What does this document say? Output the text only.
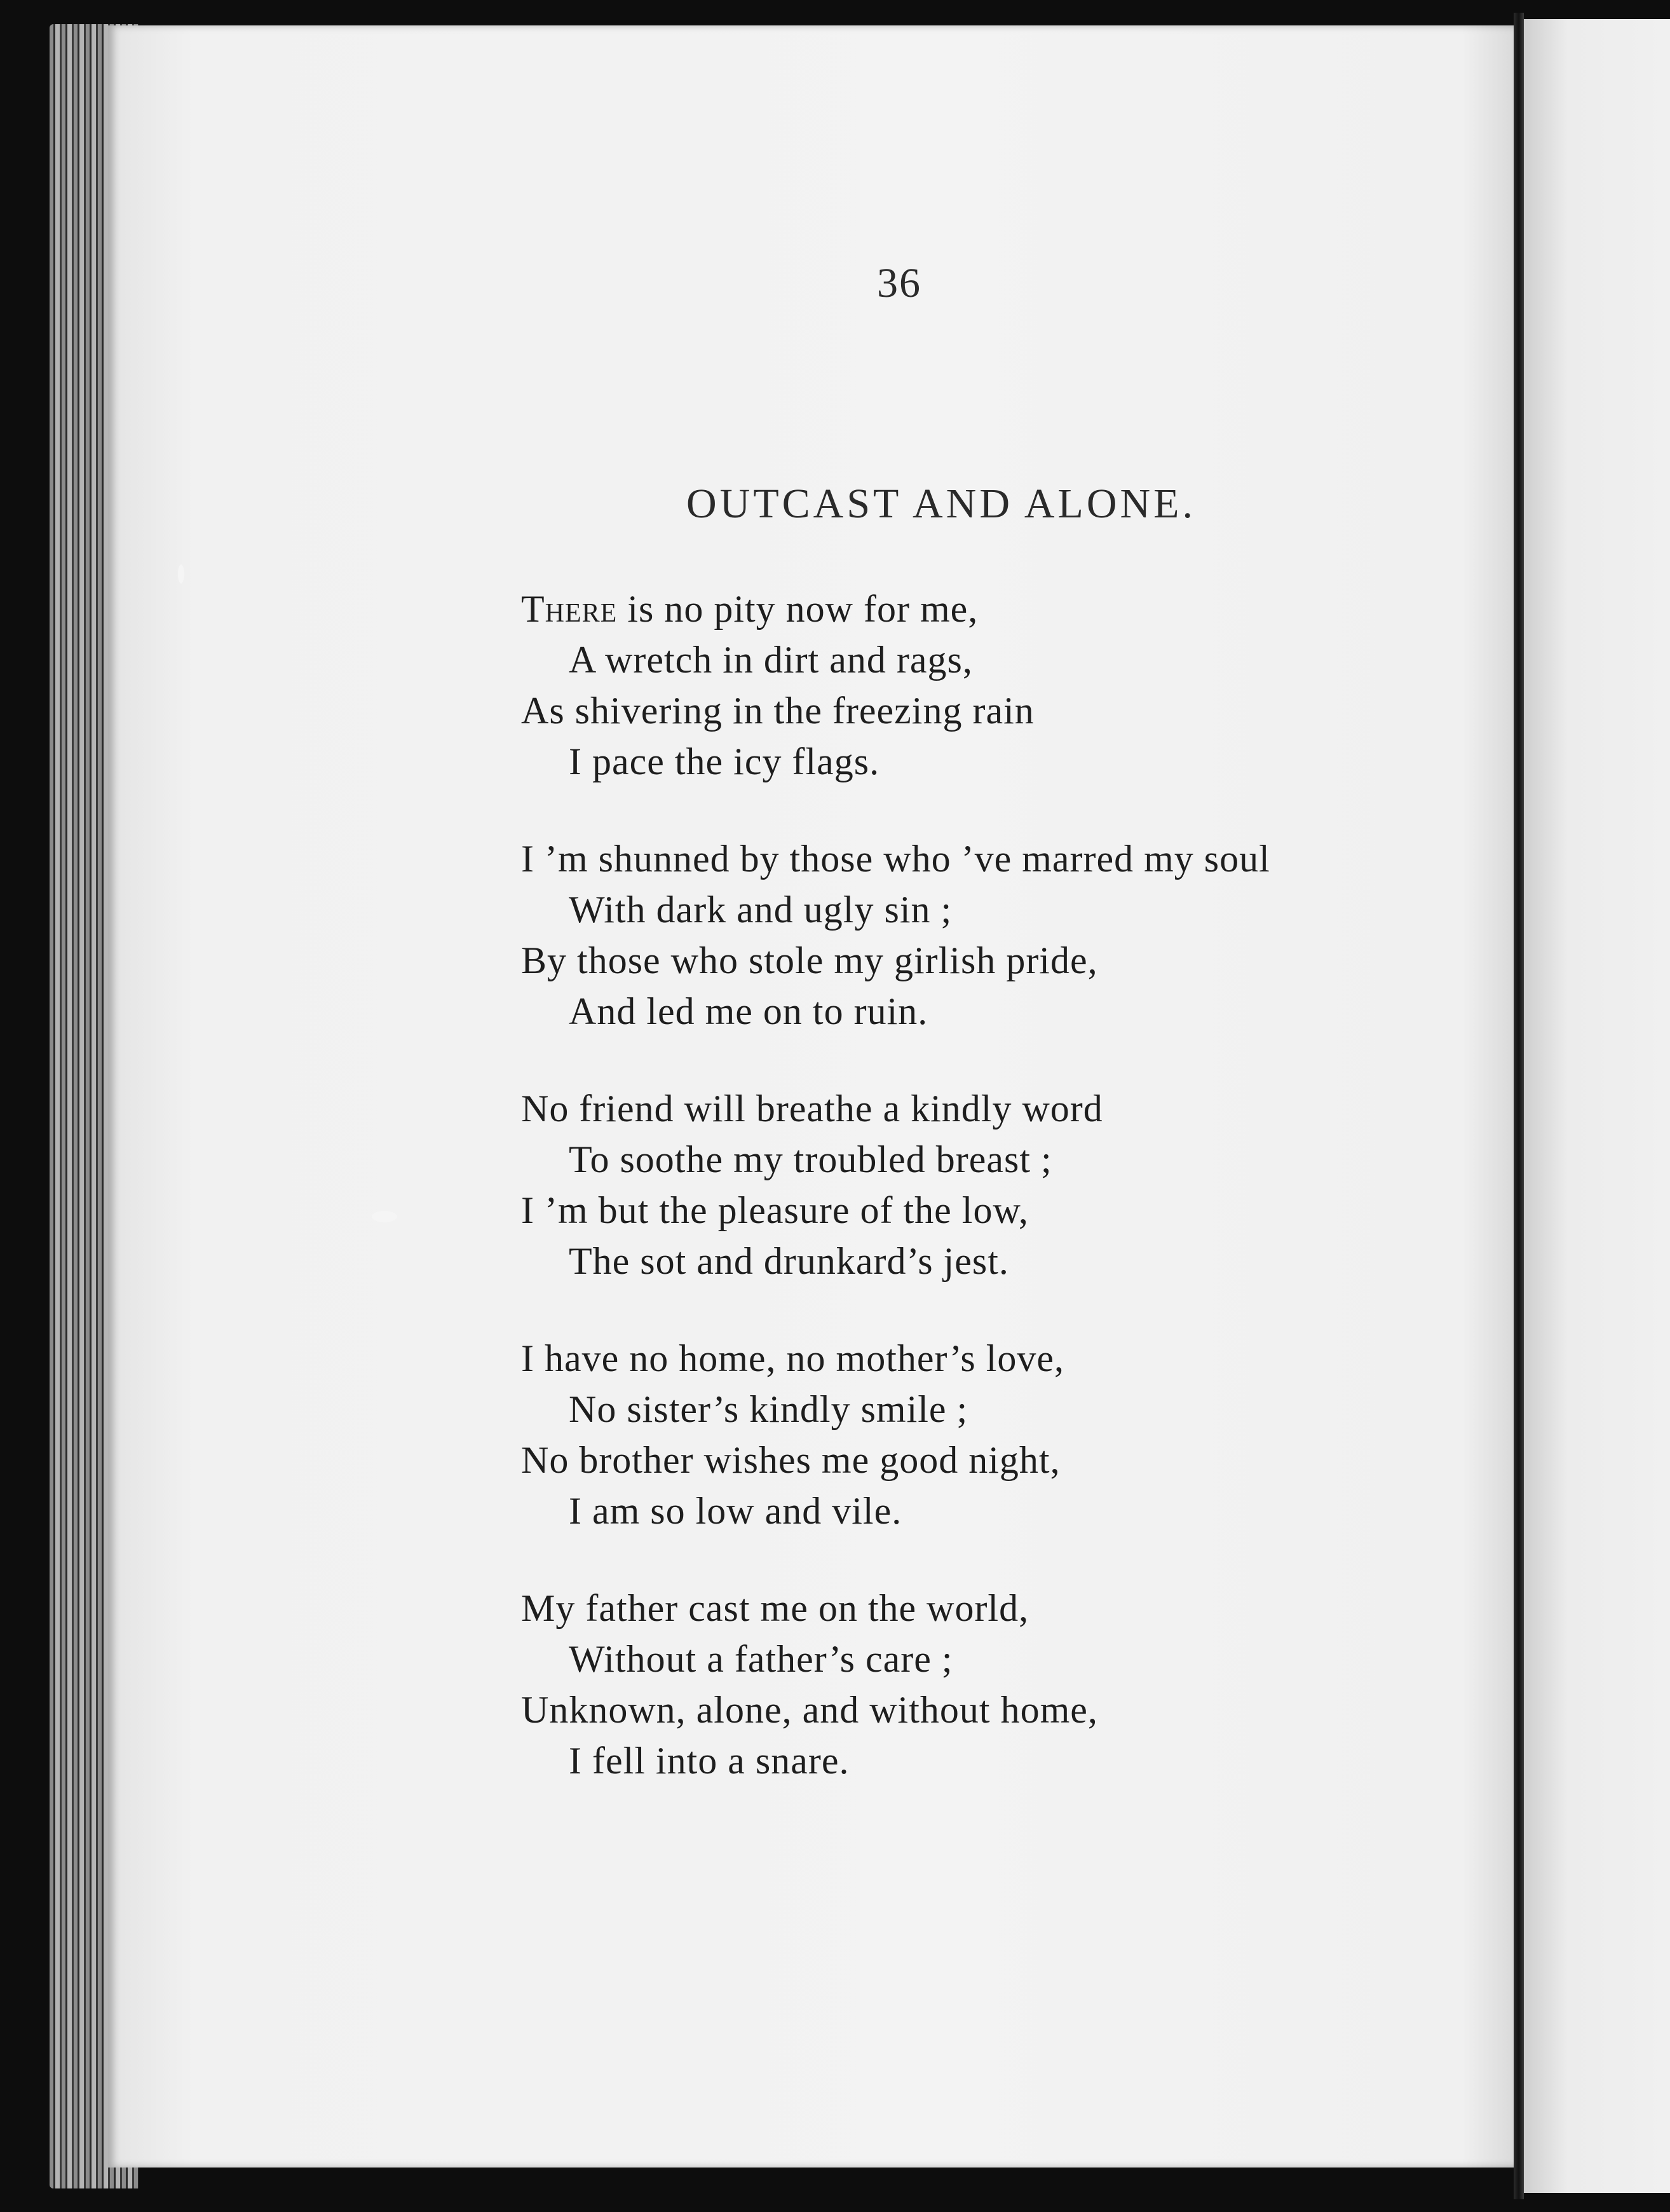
36
OUTCAST AND ALONE.
There is no pity now for me,
A wretch in dirt and rags,
As shivering in the freezing rain
I pace the icy flags.
I ’m shunned by those who ’ve marred my soul
With dark and ugly sin ;
By those who stole my girlish pride,
And led me on to ruin.
No friend will breathe a kindly word
To soothe my troubled breast ;
I ’m but the pleasure of the low,
The sot and drunkard’s jest.
I have no home, no mother’s love,
No sister’s kindly smile ;
No brother wishes me good night,
I am so low and vile.
My father cast me on the world,
Without a father’s care ;
Unknown, alone, and without home,
I fell into a snare.
